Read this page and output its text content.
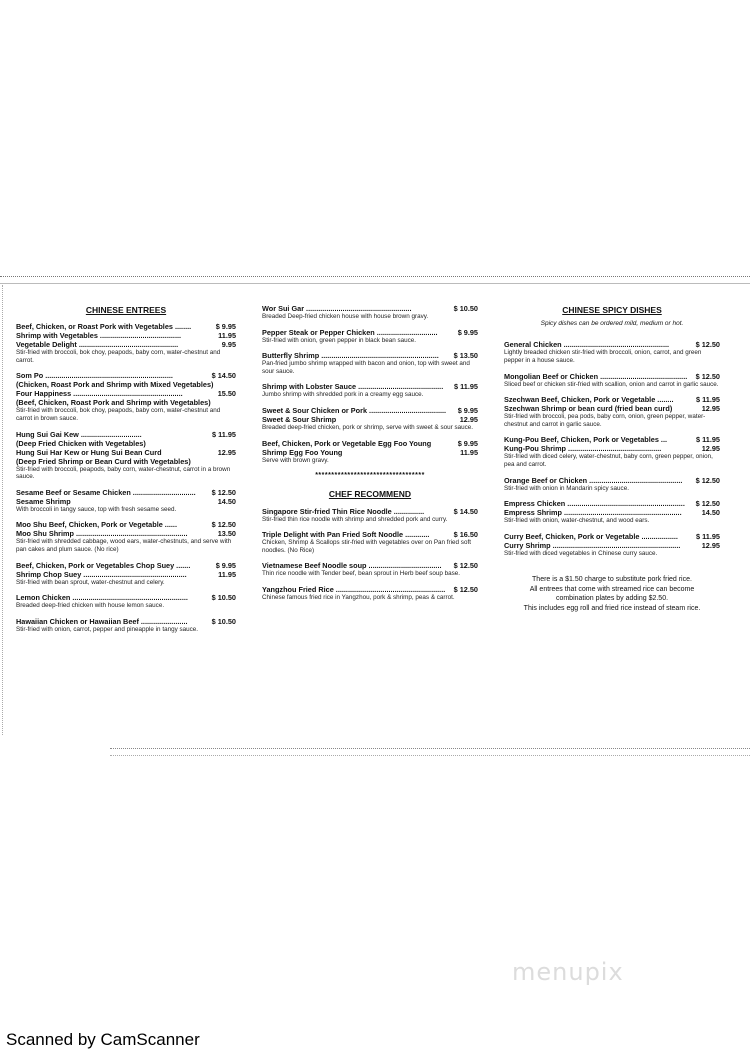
CHINESE ENTREES
Beef, Chicken, or Roast Pork with Vegetables ........	$ 9.95
Shrimp with Vegetables ........................................	11.95
Vegetable Delight .................................................	9.95
Stir-fried with broccoli, bok choy, peapods, baby corn, water-chestnut and carrot.
Som Po ...............................................................	$ 14.50
(Chicken, Roast Pork and Shrimp with Mixed Vegetables)
Four Happiness ......................................................	15.50
(Beef, Chicken, Roast Pork and Shrimp with Vegetables)
Stir-fried with broccoli, bok choy, peapods, baby corn, water-chestnut and carrot in brown sauce.
Hung Sui Gai Kew ..............................	$ 11.95
(Deep Fried Chicken with Vegetables)
Hung Sui Har Kew or Hung Sui Bean Curd	12.95
(Deep Fried Shrimp or Bean Curd with Vegetables)
Stir-fried with broccoli, peapods, baby corn, water-chestnut, carrot in a brown sauce.
Sesame Beef or Sesame Chicken ...............................	$ 12.50
Sesame Shrimp	14.50
With broccoli in tangy sauce, top with fresh sesame seed.
Moo Shu Beef, Chicken, Pork or Vegetable ......	$ 12.50
Moo Shu Shrimp .......................................................	13.50
Stir-fried with shredded cabbage, wood ears, water-chestnuts, and serve with pan cakes and plum sauce. (No rice)
Beef, Chicken, Pork or Vegetables Chop Suey .......	$ 9.95
Shrimp Chop Suey ...................................................	11.95
Stir-fried with bean sprout, water-chestnut and celery.
Lemon Chicken .........................................................	$ 10.50
Breaded deep-fried chicken with house lemon sauce.
Hawaiian Chicken or Hawaiian Beef .......................	$ 10.50
Stir-fried with onion, carrot, pepper and pineapple in tangy sauce.
Wor Sui Gar ....................................................	$ 10.50
Breaded Deep-fried chicken house with house brown gravy.
Pepper Steak or Pepper Chicken ..............................	$ 9.95
Stir-fried with onion, green pepper in black bean sauce.
Butterfly Shrimp ..........................................................	$ 13.50
Pan-fried jumbo shrimp wrapped with bacon and onion, top with sweet and sour sauce.
Shrimp with Lobster Sauce ..........................................	$ 11.95
Jumbo shrimp with shredded pork in a creamy egg sauce.
Sweet & Sour Chicken or Pork ......................................	$ 9.95
Sweet & Sour Shrimp	12.95
Breaded deep-fried chicken, pork or shrimp, serve with sweet & sour sauce.
Beef, Chicken, Pork or Vegetable Egg Foo Young	$ 9.95
Shrimp Egg Foo Young	11.95
Serve with brown gravy.
**********************************
CHEF RECOMMEND
Singapore Stir-fried Thin Rice Noodle ...............	$ 14.50
Stir-fried thin rice noodle with shrimp and shredded pork and curry.
Triple Delight with Pan Fried Soft Noodle ............	$ 16.50
Chicken, Shrimp & Scallops stir-fried with vegetables over on Pan fried soft noodles. (No Rice)
Vietnamese Beef Noodle soup ....................................	$ 12.50
Thin rice noodle with Tender beef, bean sprout in Herb beef soup base.
Yangzhou Fried Rice ......................................................	$ 12.50
Chinese famous fried rice in Yangzhou, pork & shrimp, peas & carrot.
CHINESE SPICY DISHES
Spicy dishes can be ordered mild, medium or hot.
General Chicken ....................................................	$ 12.50
Lightly breaded chicken stir-fried with broccoli, onion, carrot, and green pepper in a house sauce.
Mongolian Beef or Chicken ...........................................	$ 12.50
Sliced beef or chicken stir-fried with scallion, onion and carrot in garlic sauce.
Szechwan Beef, Chicken, Pork or Vegetable ........	$ 11.95
Szechwan Shrimp or bean curd (fried bean curd)	12.95
Stir-fried with broccoli, pea pods, baby corn, onion, green pepper, water-chestnut and carrot in garlic sauce.
Kung-Pou Beef, Chicken, Pork or Vegetables ...	$ 11.95
Kung-Pou Shrimp ..............................................	12.95
Stir-fried with diced celery, water-chestnut, baby corn, green pepper, onion, pea and carrot.
Orange Beef or Chicken ..............................................	$ 12.50
Stir-fried with onion in Mandarin spicy sauce.
Empress Chicken ..........................................................	$ 12.50
Empress Shrimp ..........................................................	14.50
Stir-fried with onion, water-chestnut, and wood ears.
Curry Beef, Chicken, Pork or Vegetable ..................	$ 11.95
Curry Shrimp ...............................................................	12.95
Stir-fried with diced vegetables in Chinese curry sauce.
There is a $1.50 charge to substitute pork fried rice.
All entrees that come with streamed rice can become
combination plates by adding $2.50.
This includes egg roll and fried rice instead of steam rice.
menupix
Scanned by CamScanner
